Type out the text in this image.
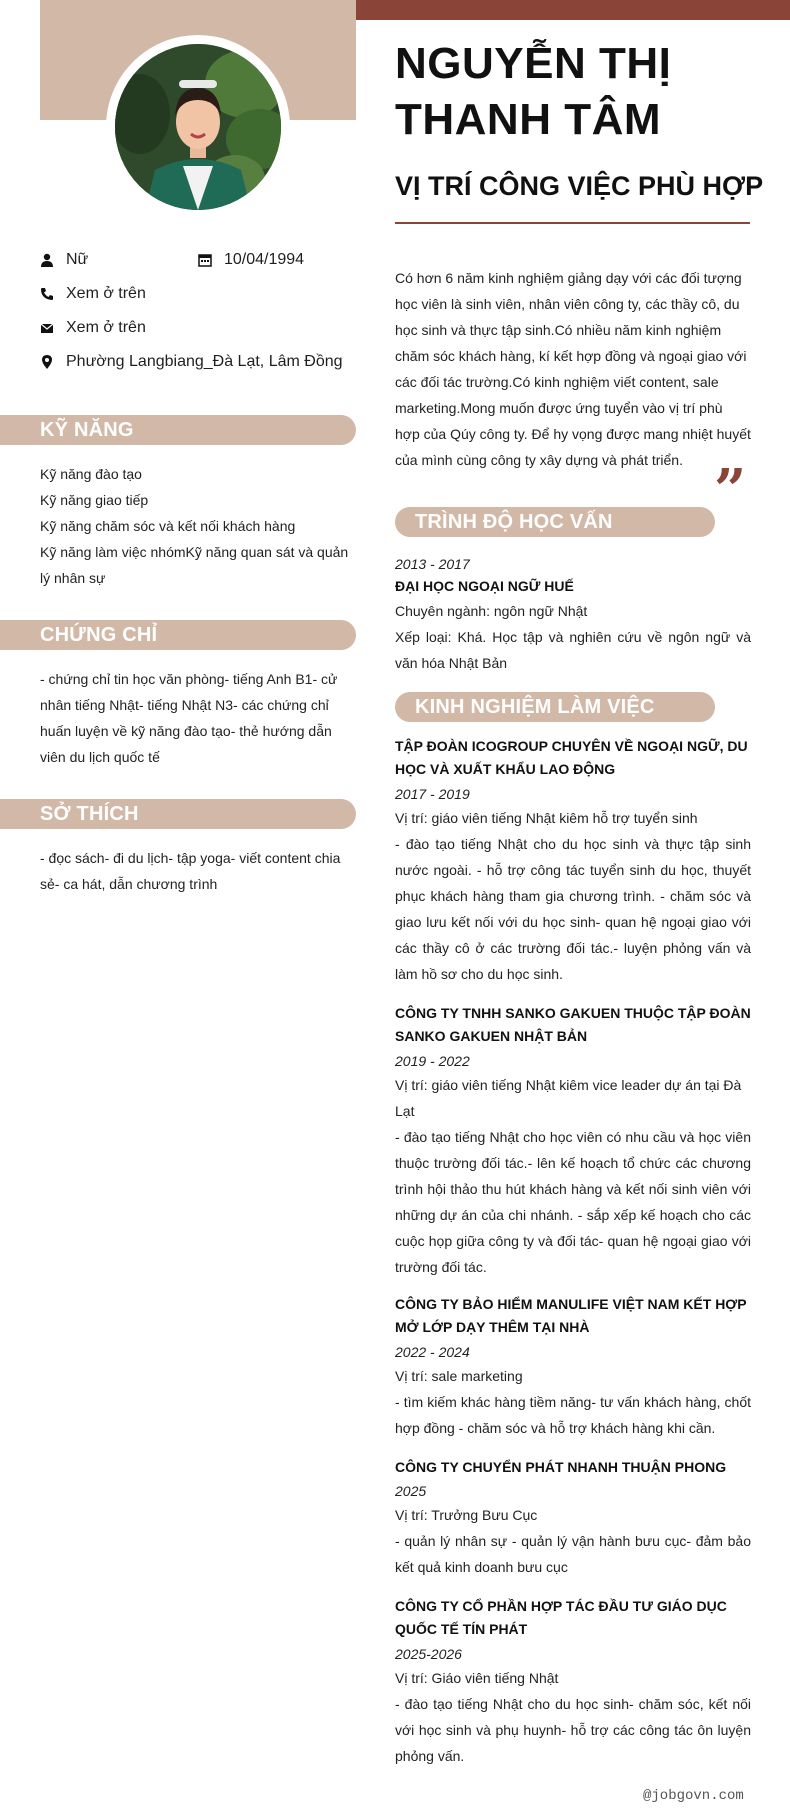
Nữ	10/04/1994
Xem ở trên
Xem ở trên
Phường Langbiang_Đà Lạt, Lâm Đồng
KỸ NĂNG
Kỹ năng đào tạo
Kỹ năng giao tiếp
Kỹ năng chăm sóc và kết nối khách hàng
Kỹ năng làm việc nhómKỹ năng quan sát và quản lý nhân sự
CHỨNG CHỈ
- chứng chỉ tin học văn phòng- tiếng Anh B1- cử nhân tiếng Nhật- tiếng Nhật N3- các chứng chỉ huấn luyện về kỹ năng đào tạo- thẻ hướng dẫn viên du lịch quốc tế
SỞ THÍCH
- đọc sách- đi du lịch- tập yoga- viết content chia sẻ- ca hát, dẫn chương trình
NGUYỄN THỊ THANH TÂM
VỊ TRÍ CÔNG VIỆC PHÙ HỢP
Có hơn 6 năm kinh nghiệm giảng dạy với các đối tượng học viên là sinh viên, nhân viên công ty, các thầy cô, du học sinh và thực tập sinh.Có nhiều năm kinh nghiệm chăm sóc khách hàng, kí kết hợp đồng và ngoại giao với các đối tác trường.Có kinh nghiệm viết content, sale marketing.Mong muốn được ứng tuyển vào vị trí phù hợp của Qúy công ty. Để hy vọng được mang nhiệt huyết của mình cùng công ty xây dựng và phát triển. ”
TRÌNH ĐỘ HỌC VẤN
2013 - 2017
ĐẠI HỌC NGOẠI NGỮ HUẾ
Chuyên ngành: ngôn ngữ Nhật
Xếp loại: Khá. Học tập và nghiên cứu về ngôn ngữ và văn hóa Nhật Bản
KINH NGHIỆM LÀM VIỆC
TẬP ĐOÀN ICOGROUP CHUYÊN VỀ NGOẠI NGỮ, DU HỌC VÀ XUẤT KHẨU LAO ĐỘNG
2017 - 2019
Vị trí: giáo viên tiếng Nhật kiêm hỗ trợ tuyển sinh
- đào tạo tiếng Nhật cho du học sinh và thực tập sinh nước ngoài. - hỗ trợ công tác tuyển sinh du học, thuyết phục khách hàng tham gia chương trình. - chăm sóc và giao lưu kết nối với du học sinh- quan hệ ngoại giao với các thầy cô ở các trường đối tác.- luyện phỏng vấn và làm hồ sơ cho du học sinh.
CÔNG TY TNHH SANKO GAKUEN THUỘC TẬP ĐOÀN SANKO GAKUEN NHẬT BẢN
2019 - 2022
Vị trí: giáo viên tiếng Nhật kiêm vice leader dự án tại Đà Lạt
- đào tạo tiếng Nhật cho học viên có nhu cầu và học viên thuộc trường đối tác.- lên kế hoạch tổ chức các chương trình hội thảo thu hút khách hàng và kết nối sinh viên với những dự án của chi nhánh. - sắp xếp kế hoạch cho các cuộc họp giữa công ty và đối tác- quan hệ ngoại giao với trường đối tác.
CÔNG TY BẢO HIỂM MANULIFE VIỆT NAM KẾT HỢP MỞ LỚP DẠY THÊM TẠI NHÀ
2022 - 2024
Vị trí: sale marketing
- tìm kiếm khác hàng tiềm năng- tư vấn khách hàng, chốt hợp đồng - chăm sóc và hỗ trợ khách hàng khi cần.
CÔNG TY CHUYỂN PHÁT NHANH THUẬN PHONG
2025
Vị trí: Trưởng Bưu Cục
- quản lý nhân sự - quản lý vận hành bưu cục- đảm bảo kết quả kinh doanh bưu cục
CÔNG TY CỔ PHẦN HỢP TÁC ĐẦU TƯ GIÁO DỤC QUỐC TẾ TÍN PHÁT
2025-2026
Vị trí: Giáo viên tiếng Nhật
- đào tạo tiếng Nhật cho du học sinh- chăm sóc, kết nối với học sinh và phụ huynh- hỗ trợ các công tác ôn luyện phỏng vấn.
@jobgovn.com
